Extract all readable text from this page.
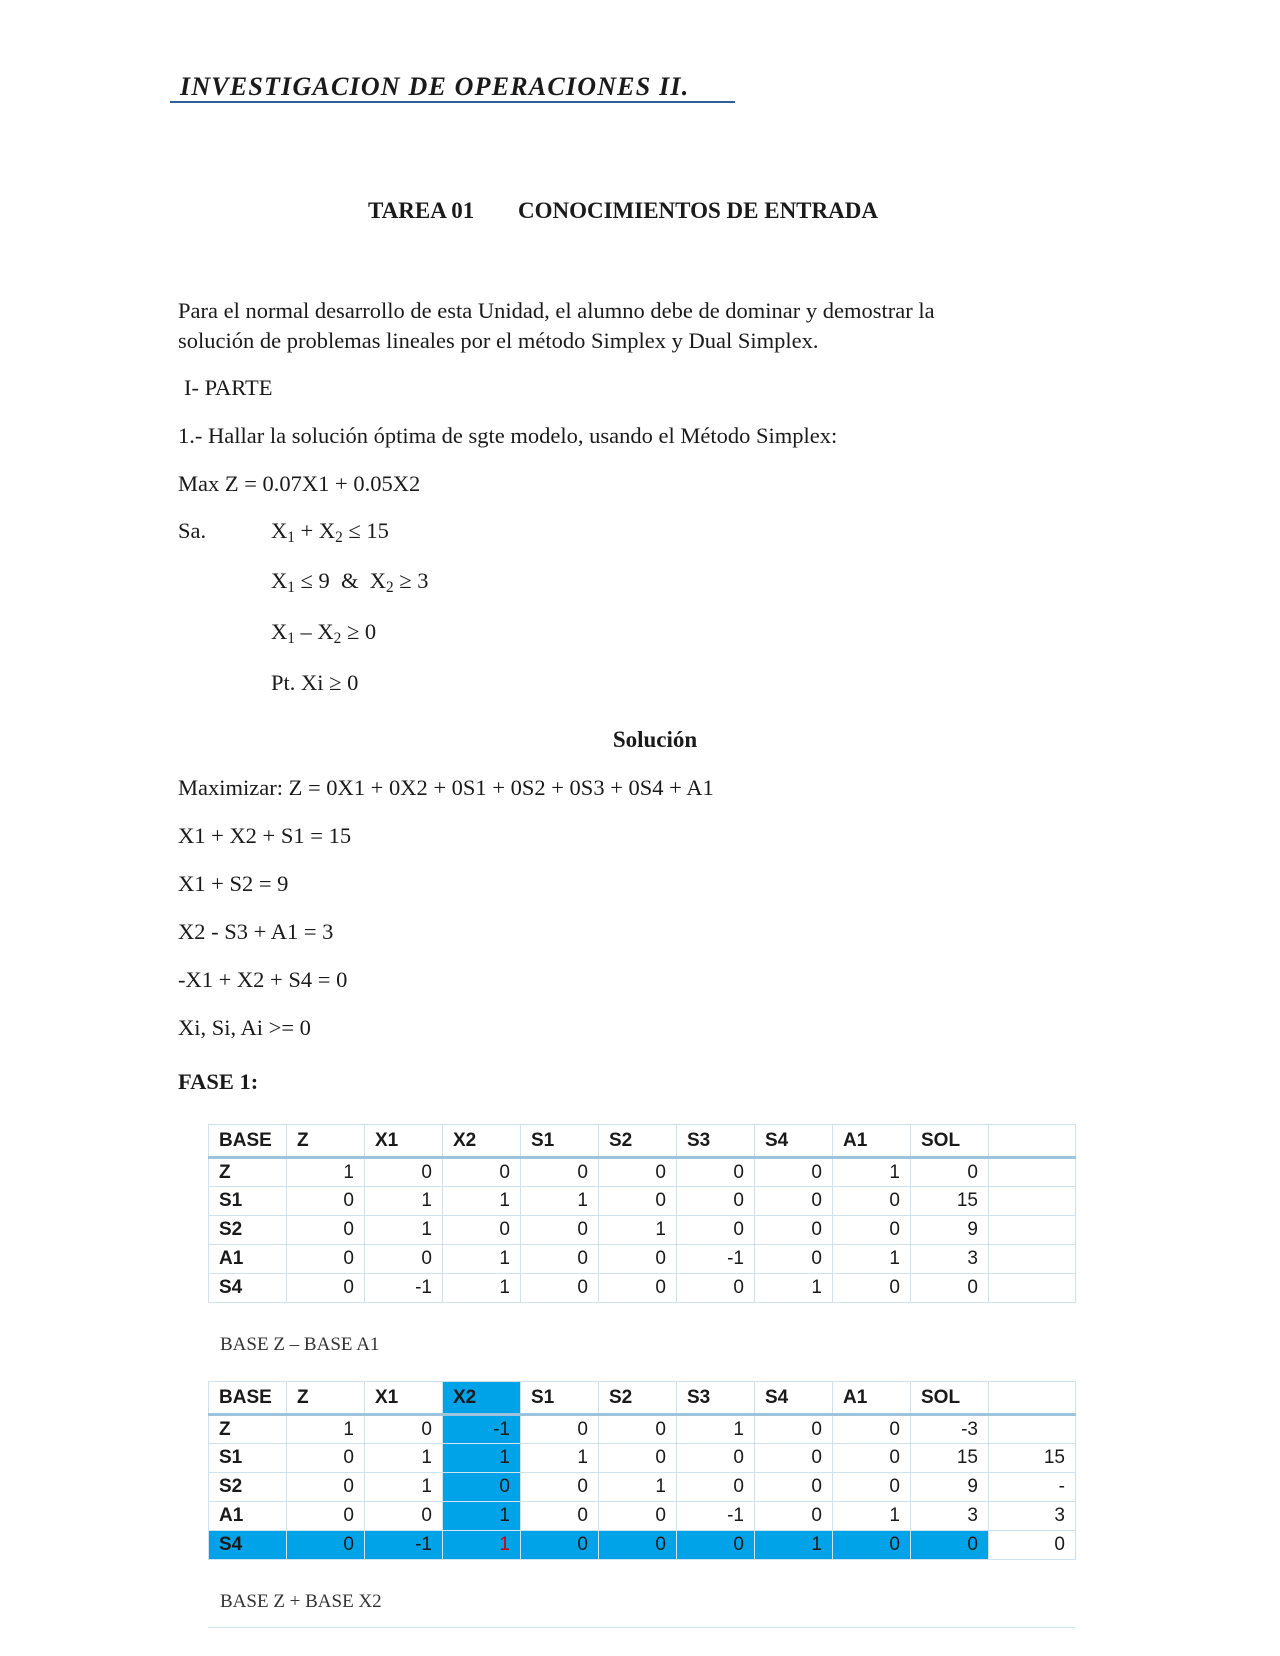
INVESTIGACION DE OPERACIONES II.
TAREA 01 CONOCIMIENTOS DE ENTRADA
Para el normal desarrollo de esta Unidad, el alumno debe de dominar y demostrar la
solución de problemas lineales por el método Simplex y Dual Simplex.
I- PARTE
1.- Hallar la solución óptima de sgte modelo, usando el Método Simplex:
Max Z = 0.07X1 + 0.05X2
Sa.	$X_1 + X_2 \le 15$
$X_1 \le 9$  &  $X_2 \ge 3$
$X_1 - X_2 \ge 0$
Pt. Xi ≥ 0
Solución
Maximizar: Z = 0X1 + 0X2 + 0S1 + 0S2 + 0S3 + 0S4 + A1
X1 + X2 + S1 = 15
X1 + S2 = 9
X2 - S3 + A1 = 3
-X1 + X2 + S4 = 0
Xi, Si, Ai >= 0
FASE 1:
BASE	Z	X1	X2	S1	S2	S3	S4	A1	SOL	
Z	1	0	0	0	0	0	0	1	0	
S1	0	1	1	1	0	0	0	0	15	
S2	0	1	0	0	1	0	0	0	9	
A1	0	0	1	0	0	-1	0	1	3	
S4	0	-1	1	0	0	0	1	0	0	
BASE Z – BASE A1
BASE	Z	X1	X2	S1	S2	S3	S4	A1	SOL	
Z	1	0	-1	0	0	1	0	0	-3	
S1	0	1	1	1	0	0	0	0	15	15
S2	0	1	0	0	1	0	0	0	9	-
A1	0	0	1	0	0	-1	0	1	3	3
S4	0	-1	1	0	0	0	1	0	0	0
BASE Z + BASE X2
